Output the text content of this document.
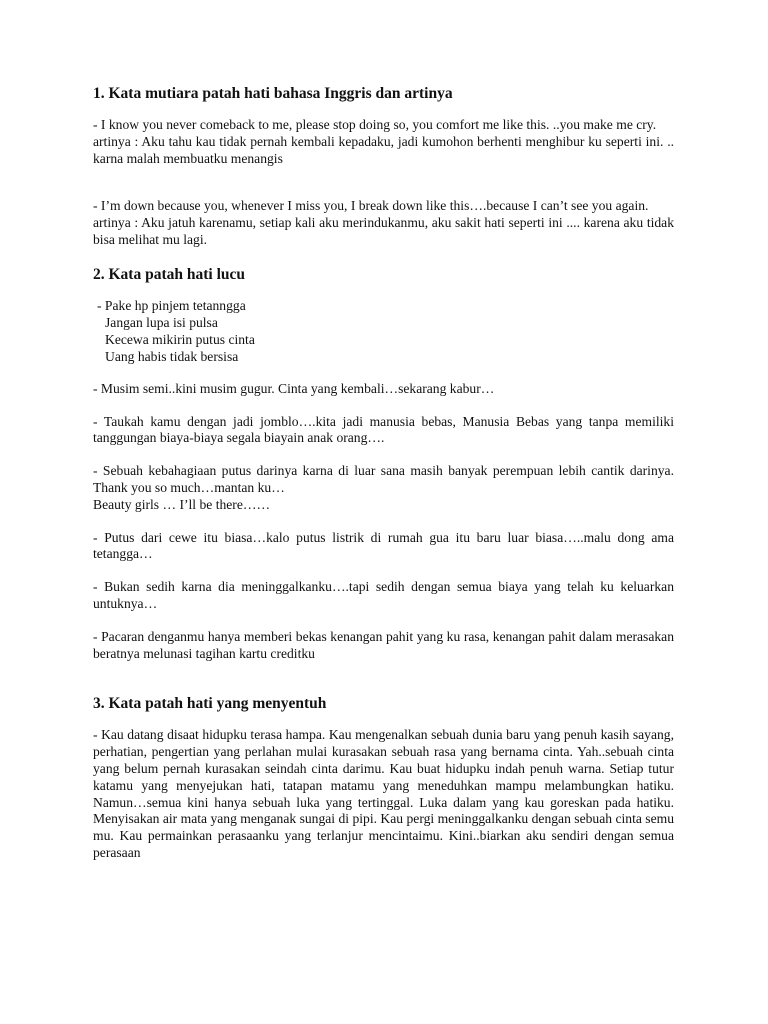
1. Kata mutiara patah hati bahasa Inggris dan artinya

- I know you never comeback to me, please stop doing so, you comfort me like this. ..you make me cry.

artinya : Aku tahu kau tidak pernah kembali kepadaku, jadi kumohon berhenti menghibur ku seperti ini. .. karna malah membuatku menangis

- I’m down because you, whenever I miss you, I break down like this….because I can’t see you again.

artinya : Aku jatuh karenamu, setiap kali aku merindukanmu, aku sakit hati seperti ini .... karena aku tidak bisa melihat mu lagi.

2. Kata patah hati lucu
- Pake hp pinjem tetanngga
Jangan lupa isi pulsa
Kecewa mikirin putus cinta
Uang habis tidak bersisa

- Musim semi..kini musim gugur. Cinta yang kembali…sekarang kabur…

- Taukah kamu dengan jadi jomblo….kita jadi manusia bebas, Manusia Bebas yang tanpa memiliki tanggungan biaya-biaya segala biayain anak orang….

- Sebuah kebahagiaan putus darinya karna di luar sana masih banyak perempuan lebih cantik darinya. Thank you so much…mantan ku…

Beauty girls … I’ll be there……

- Putus dari cewe itu biasa…kalo putus listrik di rumah gua itu baru luar biasa…..malu dong ama tetangga…

- Bukan sedih karna dia meninggalkanku….tapi sedih dengan semua biaya yang telah ku keluarkan untuknya…

- Pacaran denganmu hanya memberi bekas kenangan pahit yang ku rasa, kenangan pahit dalam merasakan beratnya melunasi tagihan kartu creditku

3. Kata patah hati yang menyentuh

- Kau datang disaat hidupku terasa hampa. Kau mengenalkan sebuah dunia baru yang penuh kasih sayang, perhatian, pengertian yang perlahan mulai kurasakan sebuah rasa yang bernama cinta. Yah..sebuah cinta yang belum pernah kurasakan seindah cinta darimu. Kau buat hidupku indah penuh warna. Setiap tutur katamu yang menyejukan hati, tatapan matamu yang meneduhkan mampu melambungkan hatiku. Namun…semua kini hanya sebuah luka yang tertinggal. Luka dalam yang kau goreskan pada hatiku. Menyisakan air mata yang menganak sungai di pipi. Kau pergi meninggalkanku dengan sebuah cinta semu mu. Kau permainkan perasaanku yang terlanjur mencintaimu. Kini..biarkan aku sendiri dengan semua perasaan
